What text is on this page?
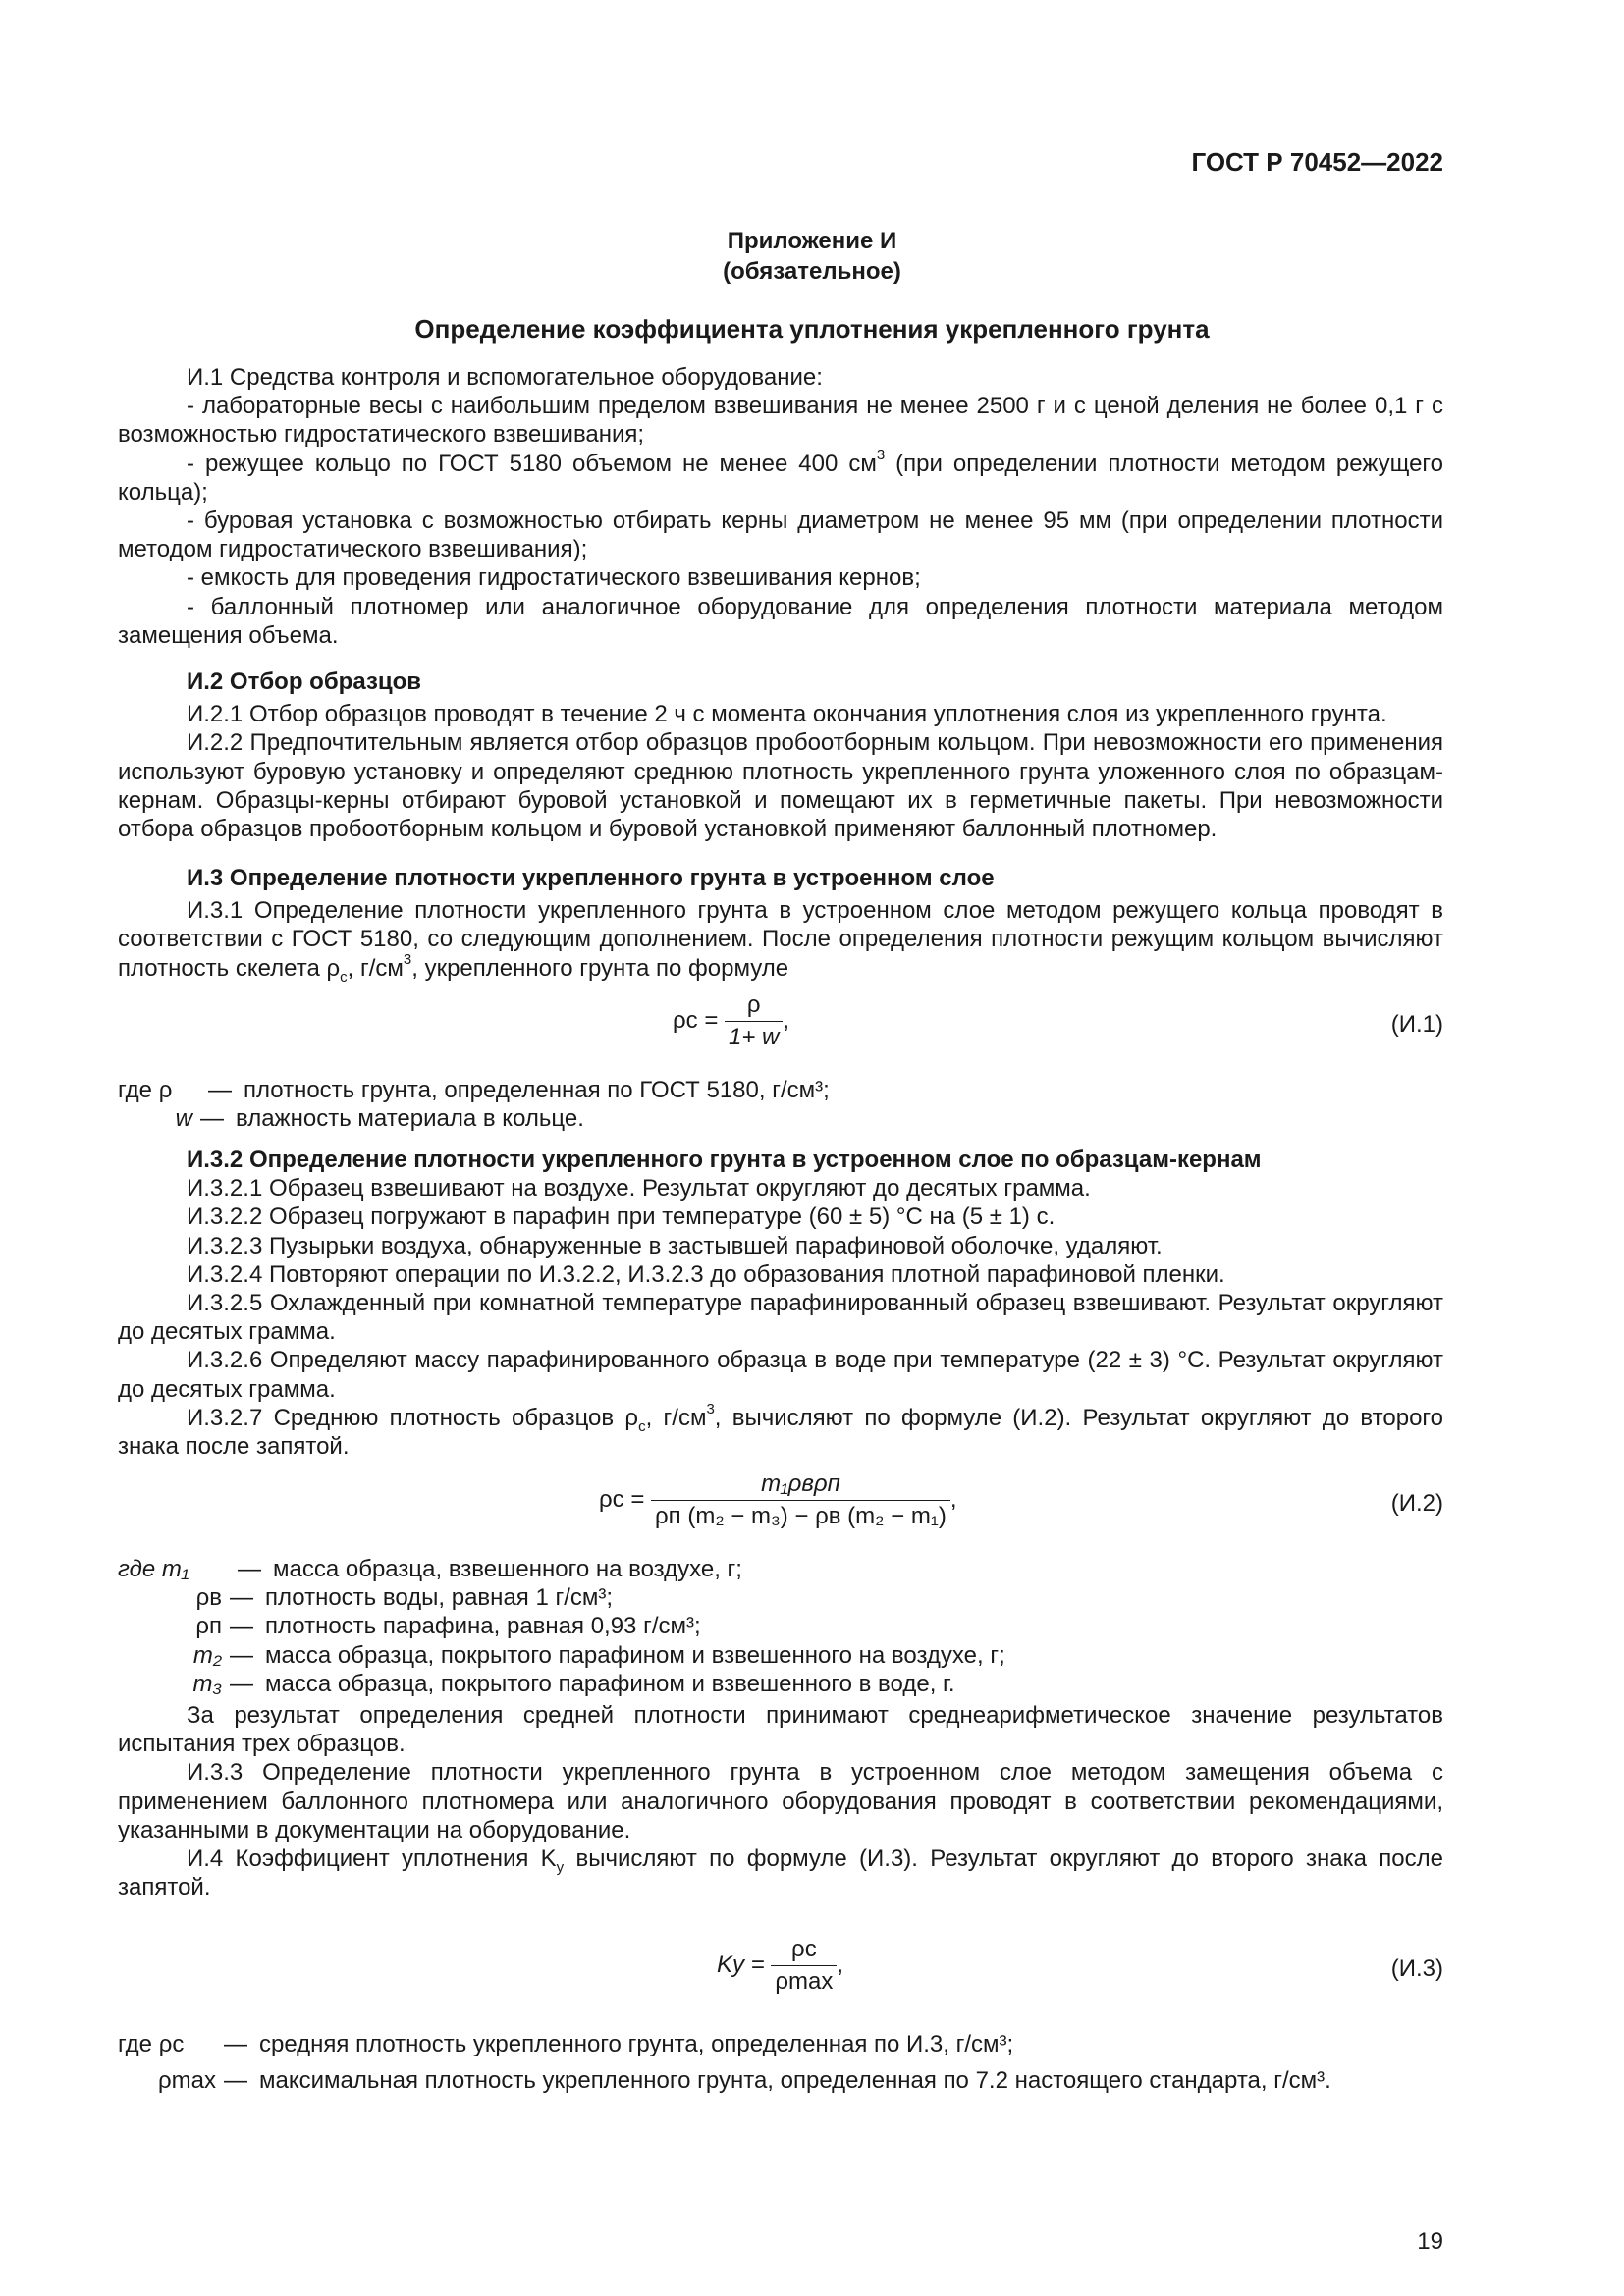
ГОСТ Р 70452—2022
Приложение И
(обязательное)
Определение коэффициента уплотнения укрепленного грунта

И.1 Средства контроля и вспомогательное оборудование:

- лабораторные весы с наибольшим пределом взвешивания не менее 2500 г и с ценой деления не более 0,1 г с возможностью гидростатического взвешивания;

- режущее кольцо по ГОСТ 5180 объемом не менее 400 $см^3$ (при определении плотности методом режущего кольца);

- буровая установка с возможностью отбирать керны диаметром не менее 95 мм (при определении плотности методом гидростатического взвешивания);

- емкость для проведения гидростатического взвешивания кернов;

- баллонный плотномер или аналогичное оборудование для определения плотности материала методом замещения объема.

И.2 Отбор образцов

И.2.1 Отбор образцов проводят в течение 2 ч с момента окончания уплотнения слоя из укрепленного грунта.

И.2.2 Предпочтительным является отбор образцов пробоотборным кольцом. При невозможности его применения используют буровую установку и определяют среднюю плотность укрепленного грунта уложенного слоя по образцам-кернам. Образцы-керны отбирают буровой установкой и помещают их в герметичные пакеты. При невозможности отбора образцов пробоотборным кольцом и буровой установкой применяют баллонный плотномер.

И.3 Определение плотности укрепленного грунта в устроенном слое

И.3.1 Определение плотности укрепленного грунта в устроенном слое методом режущего кольца проводят в соответствии с ГОСТ 5180, со следующим дополнением. После определения плотности режущим кольцом вычисляют плотность скелета $\rho_с$, $г/см^3$, укрепленного грунта по формуле

$\rho с = \frac{\rho}{1+ w}$ ,	(И.1)
где ρ	— плотность грунта, определенная по ГОСТ 5180, г/см³;
w — влажность материала в кольце.

И.3.2 Определение плотности укрепленного грунта в устроенном слое по образцам-кернам

И.3.2.1 Образец взвешивают на воздухе. Результат округляют до десятых грамма.

И.3.2.2 Образец погружают в парафин при температуре (60 ± 5) °С на (5 ± 1) с.

И.3.2.3 Пузырьки воздуха, обнаруженные в застывшей парафиновой оболочке, удаляют.

И.3.2.4 Повторяют операции по И.3.2.2, И.3.2.3 до образования плотной парафиновой пленки.

И.3.2.5 Охлажденный при комнатной температуре парафинированный образец взвешивают. Результат округляют до десятых грамма.

И.3.2.6 Определяют массу парафинированного образца в воде при температуре (22 ± 3) °С. Результат округляют до десятых грамма.

И.3.2.7 Среднюю плотность образцов $\rho_с$, $г/см^3$, вычисляют по формуле (И.2). Результат округляют до второго знака после запятой.

$\rho с = \frac{\text{m₁ρвρп}}{\text{ρп (m₂ − m₃) − ρв (m₂ − m₁)}}$ ,	(И.2)
где m₁	— масса образца, взвешенного на воздухе, г;
ρв — плотность воды, равная 1 г/см³;
ρп — плотность парафина, равная 0,93 г/см³;
m₂ — масса образца, покрытого парафином и взвешенного на воздухе, г;
m₃ — масса образца, покрытого парафином и взвешенного в воде, г.

За результат определения средней плотности принимают среднеарифметическое значение результатов испытания трех образцов.

И.3.3 Определение плотности укрепленного грунта в устроенном слое методом замещения объема с применением баллонного плотномера или аналогичного оборудования проводят в соответствии рекомендациями, указанными в документации на оборудование.

И.4 Коэффициент уплотнения $K_у$ вычисляют по формуле (И.3). Результат округляют до второго знака после запятой.

Kу = $\frac{\rho с}{\rho\max}$ ,	(И.3)
где ρс	— средняя плотность укрепленного грунта, определенная по И.3, г/см³;
ρmax — максимальная плотность укрепленного грунта, определенная по 7.2 настоящего стандарта, г/см³.
19
